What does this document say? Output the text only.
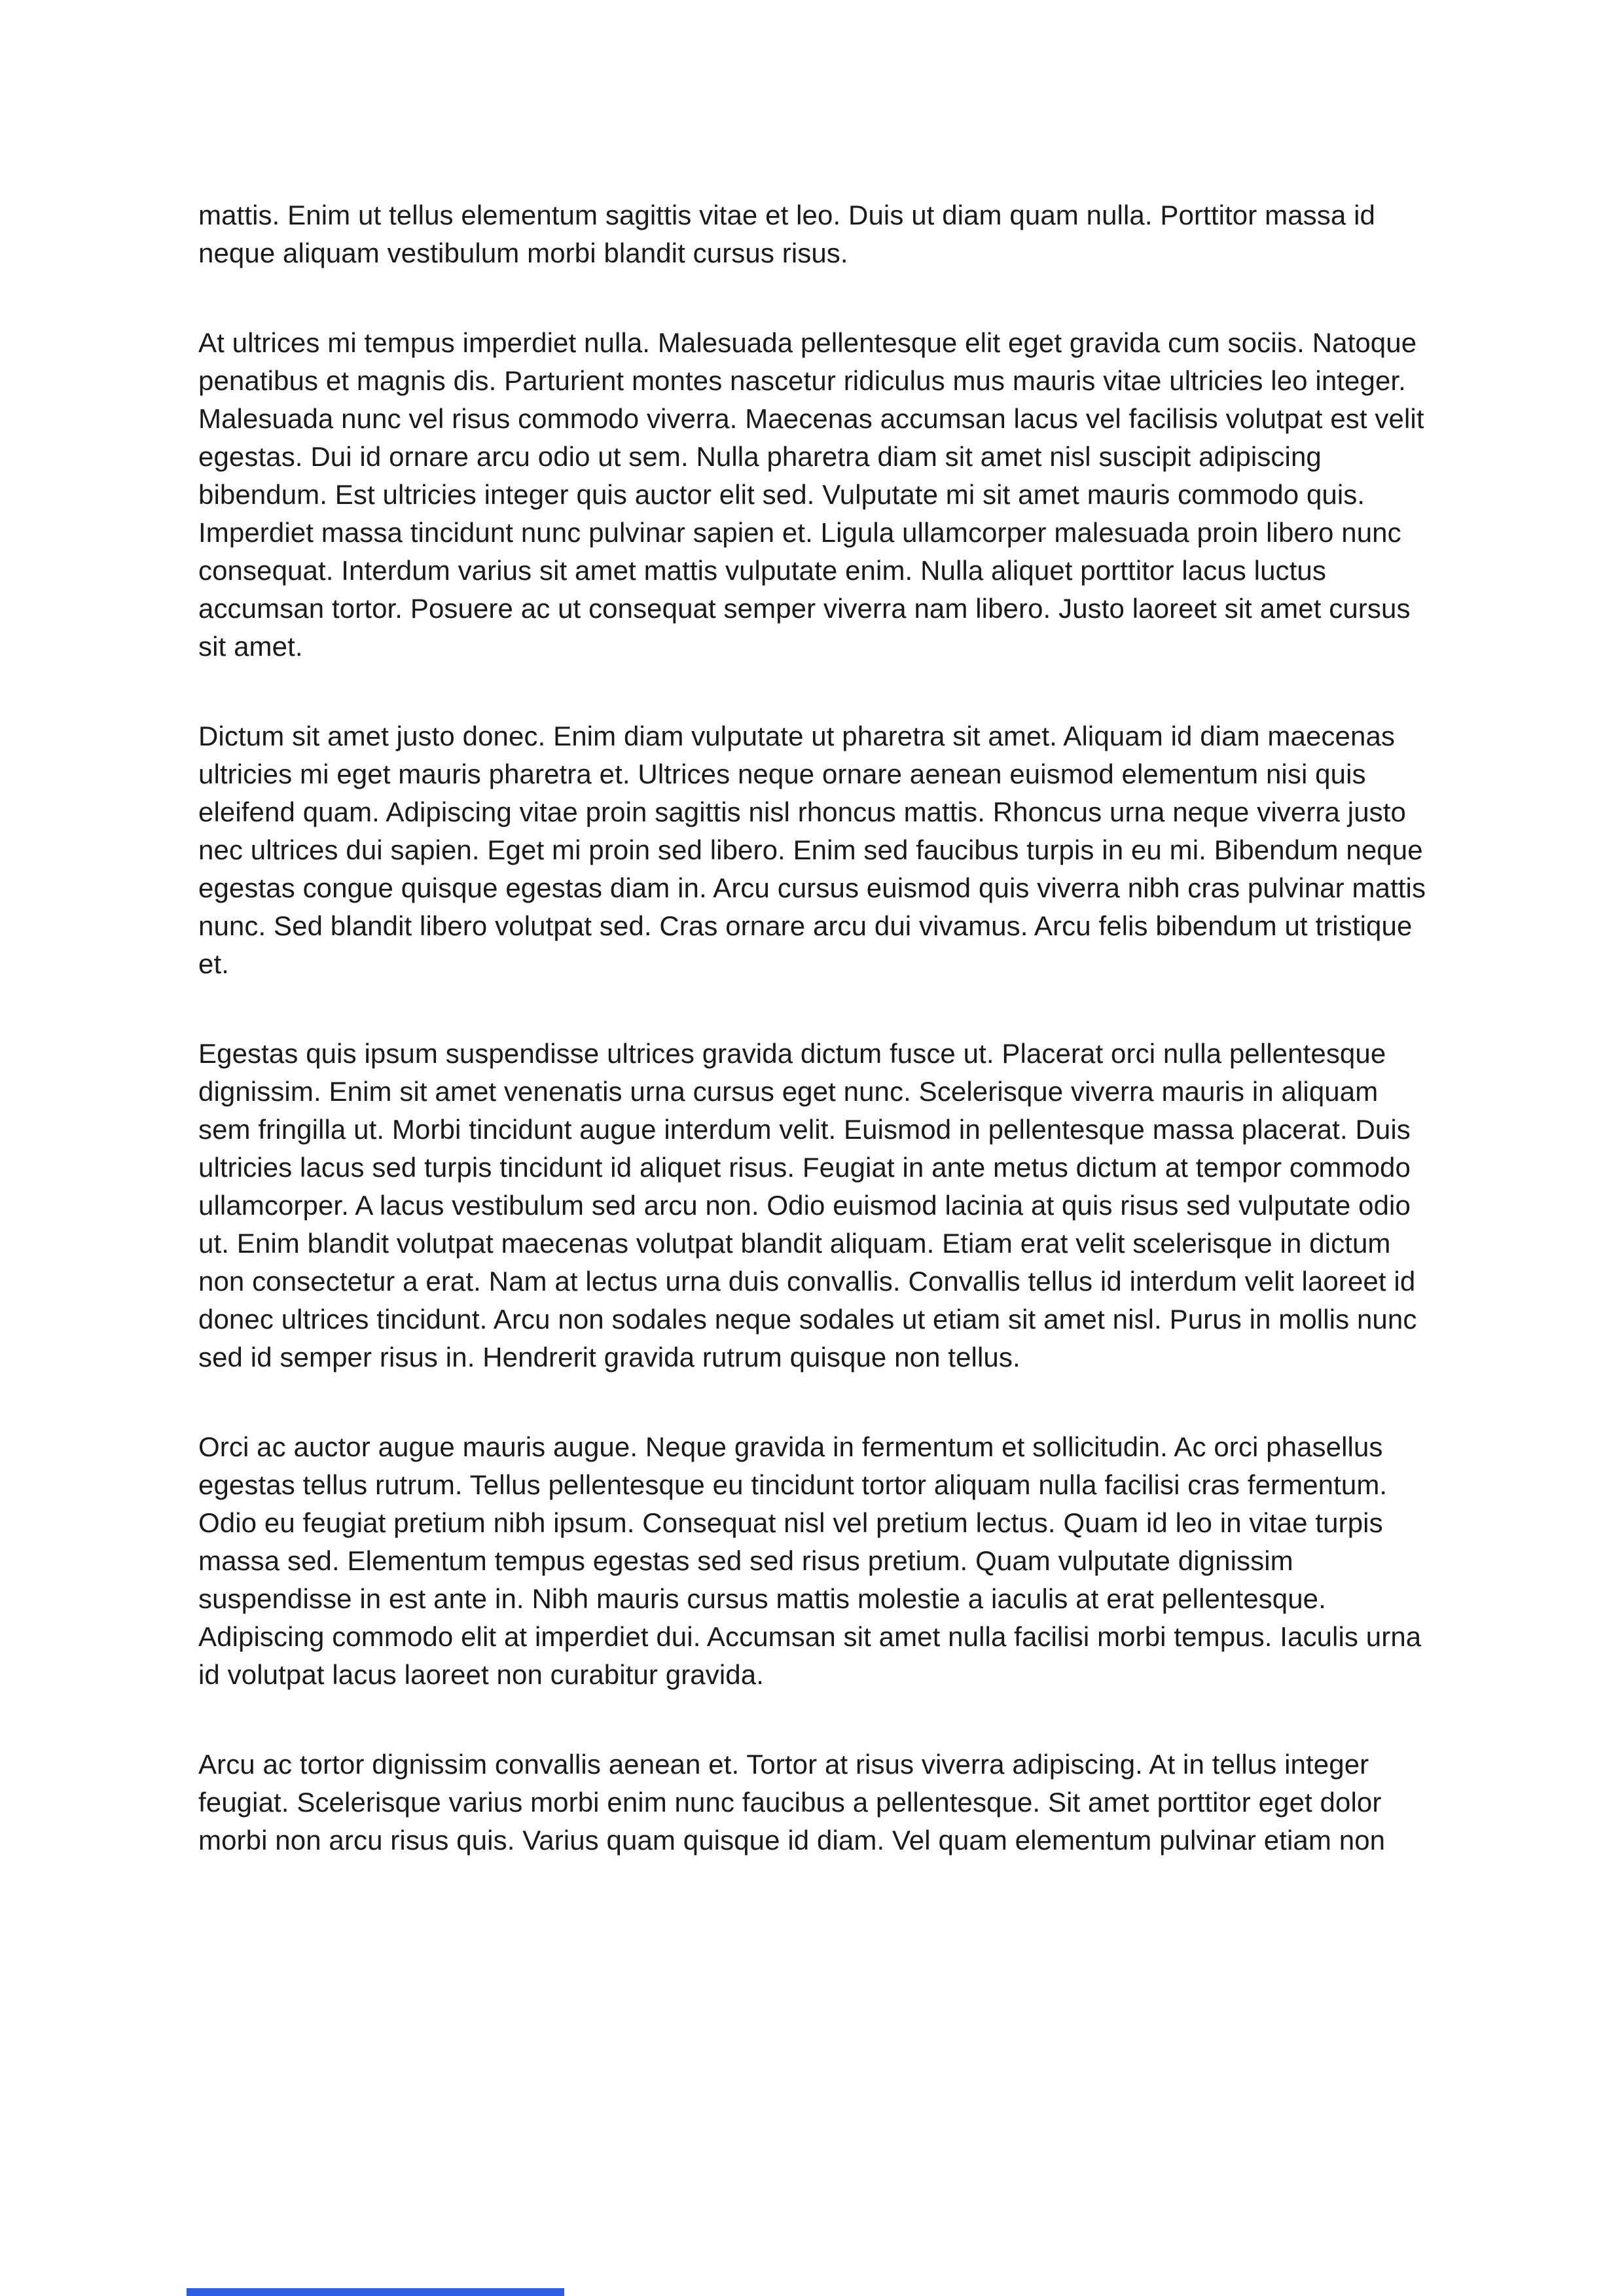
mattis. Enim ut tellus elementum sagittis vitae et leo. Duis ut diam quam nulla. Porttitor massa id neque aliquam vestibulum morbi blandit cursus risus.

At ultrices mi tempus imperdiet nulla. Malesuada pellentesque elit eget gravida cum sociis. Natoque penatibus et magnis dis. Parturient montes nascetur ridiculus mus mauris vitae ultricies leo integer. Malesuada nunc vel risus commodo viverra. Maecenas accumsan lacus vel facilisis volutpat est velit egestas. Dui id ornare arcu odio ut sem. Nulla pharetra diam sit amet nisl suscipit adipiscing bibendum. Est ultricies integer quis auctor elit sed. Vulputate mi sit amet mauris commodo quis. Imperdiet massa tincidunt nunc pulvinar sapien et. Ligula ullamcorper malesuada proin libero nunc consequat. Interdum varius sit amet mattis vulputate enim. Nulla aliquet porttitor lacus luctus accumsan tortor. Posuere ac ut consequat semper viverra nam libero. Justo laoreet sit amet cursus sit amet.

Dictum sit amet justo donec. Enim diam vulputate ut pharetra sit amet. Aliquam id diam maecenas ultricies mi eget mauris pharetra et. Ultrices neque ornare aenean euismod elementum nisi quis eleifend quam. Adipiscing vitae proin sagittis nisl rhoncus mattis. Rhoncus urna neque viverra justo nec ultrices dui sapien. Eget mi proin sed libero. Enim sed faucibus turpis in eu mi. Bibendum neque egestas congue quisque egestas diam in. Arcu cursus euismod quis viverra nibh cras pulvinar mattis nunc. Sed blandit libero volutpat sed. Cras ornare arcu dui vivamus. Arcu felis bibendum ut tristique et.

Egestas quis ipsum suspendisse ultrices gravida dictum fusce ut. Placerat orci nulla pellentesque dignissim. Enim sit amet venenatis urna cursus eget nunc. Scelerisque viverra mauris in aliquam sem fringilla ut. Morbi tincidunt augue interdum velit. Euismod in pellentesque massa placerat. Duis ultricies lacus sed turpis tincidunt id aliquet risus. Feugiat in ante metus dictum at tempor commodo ullamcorper. A lacus vestibulum sed arcu non. Odio euismod lacinia at quis risus sed vulputate odio ut. Enim blandit volutpat maecenas volutpat blandit aliquam. Etiam erat velit scelerisque in dictum non consectetur a erat. Nam at lectus urna duis convallis. Convallis tellus id interdum velit laoreet id donec ultrices tincidunt. Arcu non sodales neque sodales ut etiam sit amet nisl. Purus in mollis nunc sed id semper risus in. Hendrerit gravida rutrum quisque non tellus.

Orci ac auctor augue mauris augue. Neque gravida in fermentum et sollicitudin. Ac orci phasellus egestas tellus rutrum. Tellus pellentesque eu tincidunt tortor aliquam nulla facilisi cras fermentum. Odio eu feugiat pretium nibh ipsum. Consequat nisl vel pretium lectus. Quam id leo in vitae turpis massa sed. Elementum tempus egestas sed sed risus pretium. Quam vulputate dignissim suspendisse in est ante in. Nibh mauris cursus mattis molestie a iaculis at erat pellentesque. Adipiscing commodo elit at imperdiet dui. Accumsan sit amet nulla facilisi morbi tempus. Iaculis urna id volutpat lacus laoreet non curabitur gravida.

Arcu ac tortor dignissim convallis aenean et. Tortor at risus viverra adipiscing. At in tellus integer feugiat. Scelerisque varius morbi enim nunc faucibus a pellentesque. Sit amet porttitor eget dolor morbi non arcu risus quis. Varius quam quisque id diam. Vel quam elementum pulvinar etiam non
